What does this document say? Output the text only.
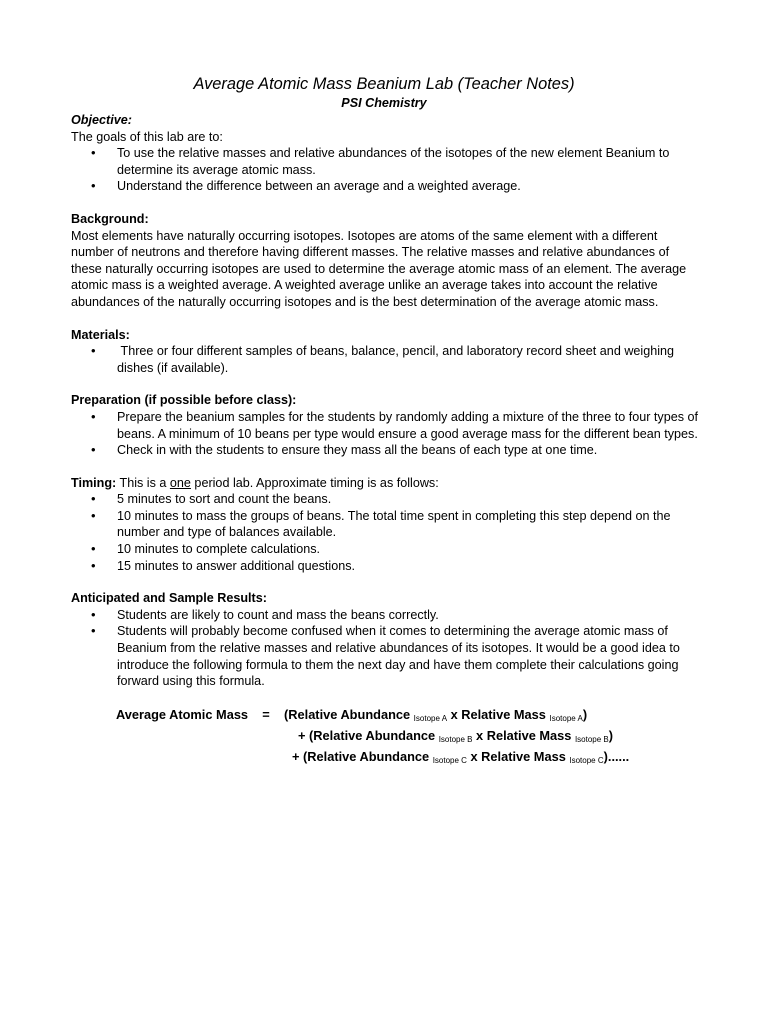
Average Atomic Mass Beanium Lab (Teacher Notes)
PSI Chemistry
Objective:

The goals of this lab are to:

• To use the relative masses and relative abundances of the isotopes of the new element Beanium to determine its average atomic mass.
• Understand the difference between an average and a weighted average.
Background:

Most elements have naturally occurring isotopes. Isotopes are atoms of the same element with a different number of neutrons and therefore having different masses. The relative masses and relative abundances of these naturally occurring isotopes are used to determine the average atomic mass of an element. The average atomic mass is a weighted average. A weighted average unlike an average takes into account the relative abundances of the naturally occurring isotopes and is the best determination of the average atomic mass.

Materials:
• Three or four different samples of beans, balance, pencil, and laboratory record sheet and weighing dishes (if available).
Preparation (if possible before class):
• Prepare the beanium samples for the students by randomly adding a mixture of the three to four types of beans. A minimum of 10 beans per type would ensure a good average mass for the different bean types.
• Check in with the students to ensure they mass all the beans of each type at one time.

Timing: This is a one period lab. Approximate timing is as follows:

• 5 minutes to sort and count the beans.
• 10 minutes to mass the groups of beans. The total time spent in completing this step depend on the number and type of balances available.
• 10 minutes to complete calculations.
• 15 minutes to answer additional questions.
Anticipated and Sample Results:
• Students are likely to count and mass the beans correctly.
• Students will probably become confused when it comes to determining the average atomic mass of Beanium from the relative masses and relative abundances of its isotopes. It would be a good idea to introduce the following formula to them the next day and have them complete their calculations going forward using this formula.
Average Atomic Mass = (Relative Abundance $_{Isotope A}$ x Relative Mass $_{Isotope A}$)
+ (Relative Abundance $_{Isotope B}$ x Relative Mass $_{Isotope B}$)
+ (Relative Abundance $_{Isotope C}$ x Relative Mass $_{Isotope C}$)......
